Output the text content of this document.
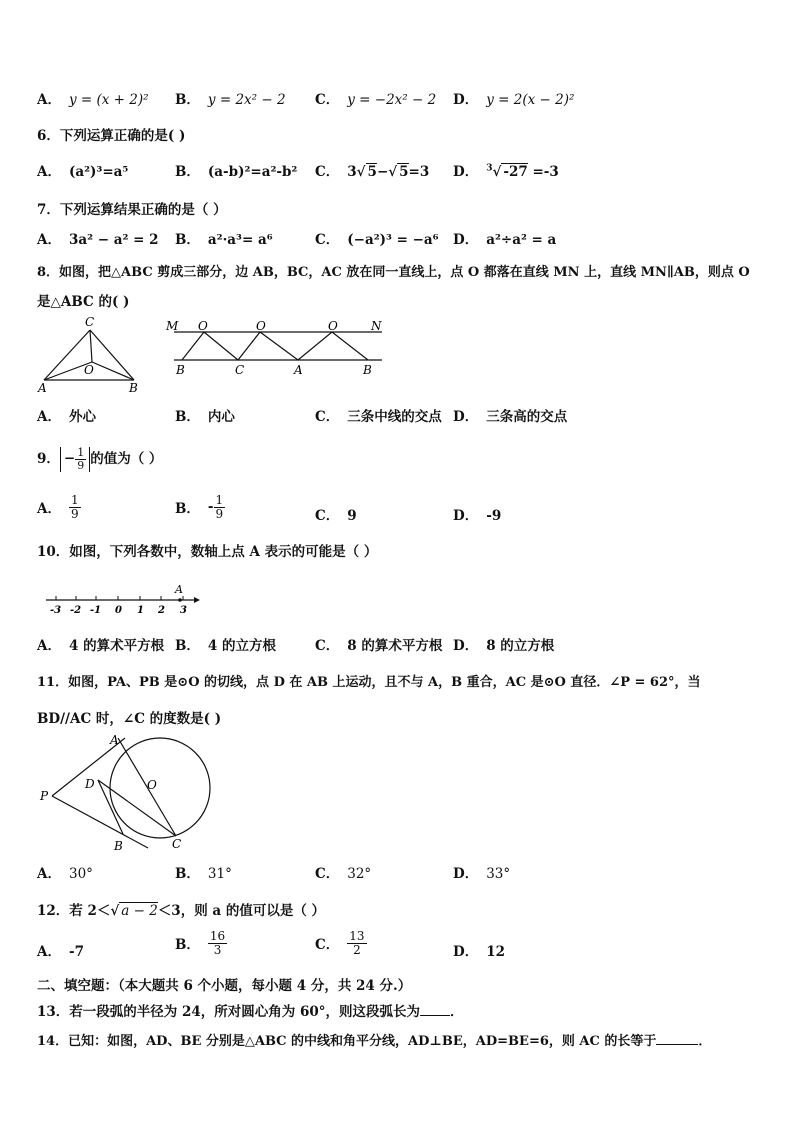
A． y = (x + 2)² B． y = 2x² − 2 C． y = −2x² − 2 D． y = 2(x − 2)²
6．下列运算正确的是( )
A． (a²)³=a⁵	B． (a-b)²=a²-b² C． 3√ 5−√ 5=3 D． $^3$√ -27 =-3
7．下列运算结果正确的是（ ）
A． 3a² − a² = 2 B． a²·a³= a⁶	C． (−a²)³ = −a⁶ D． a²÷a² = a
8．如图，把△ABC 剪成三部分，边 AB，BC，AC 放在同一直线上，点 O 都落在直线 MN 上，直线 MN∥AB，则点 O
是△ABC 的( )
C
O
A	B
M O	O	O	N
B	C	A	B
A． 外心	B． 内心	C． 三条中线的交点 D． 三条高的交点
9． − $\frac{1}{9}$ 的值为（ ）
A． $\frac{1}{9}$	B． - $\frac{1}{9}$	C． 9	D． -9
10．如图，下列各数中，数轴上点 A 表示的可能是（ ）
A
-3 -2 -1 0 1 2 3
A． 4 的算术平方根 B． 4 的立方根	C． 8 的算术平方根 D． 8 的立方根
11．如图，PA、PB 是⊙O 的切线，点 D 在 AB 上运动，且不与 A，B 重合，AC 是⊙O 直径．∠P = 62°，当
BD//AC 时，∠C 的度数是( )
A
O
D
P
B	C
A． 30°	B． 31°	C． 32°	D． 33°
12．若 2＜√ a − 2＜3，则 a 的值可以是（ ）
A． -7	B． $\frac{16}{3}$	C． $\frac{13}{2}$	D． 12
二、填空题：（本大题共 6 个小题，每小题 4 分，共 24 分.）
13．若一段弧的半径为 24，所对圆心角为 60°，则这段弧长为 ．
14．已知：如图，AD、BE 分别是△ABC 的中线和角平分线，AD⊥BE，AD=BE=6，则 AC 的长等于	．
